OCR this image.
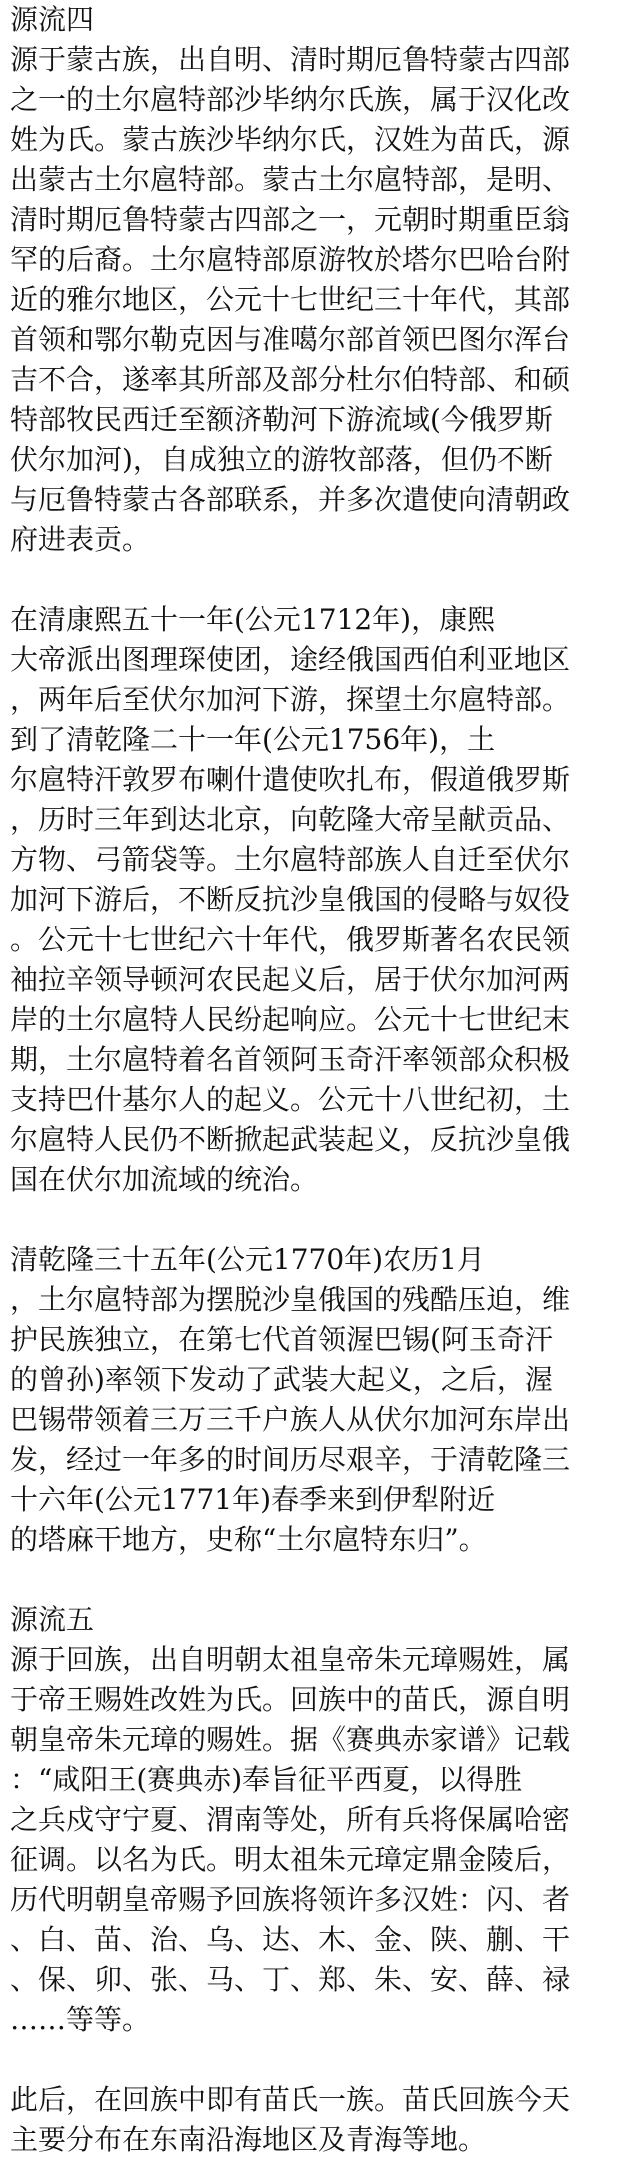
源流四
源于蒙古族，出自明、清时期厄鲁特蒙古四部
之一的土尔扈特部沙毕纳尔氏族，属于汉化改
姓为氏。蒙古族沙毕纳尔氏，汉姓为苗氏，源
出蒙古土尔扈特部。蒙古土尔扈特部，是明、
清时期厄鲁特蒙古四部之一，元朝时期重臣翁
罕的后裔。土尔扈特部原游牧於塔尔巴哈台附
近的雅尔地区，公元十七世纪三十年代，其部
首领和鄂尔勒克因与准噶尔部首领巴图尔浑台
吉不合，遂率其所部及部分杜尔伯特部、和硕
特部牧民西迁至额济勒河下游流域(今俄罗斯
伏尔加河)，自成独立的游牧部落，但仍不断
与厄鲁特蒙古各部联系，并多次遣使向清朝政
府进表贡。
在清康熙五十一年(公元1712年)，康熙
大帝派出图理琛使团，途经俄国西伯利亚地区
，两年后至伏尔加河下游，探望土尔扈特部。
到了清乾隆二十一年(公元1756年)，土
尔扈特汗敦罗布喇什遣使吹扎布，假道俄罗斯
，历时三年到达北京，向乾隆大帝呈献贡品、
方物、弓箭袋等。土尔扈特部族人自迁至伏尔
加河下游后，不断反抗沙皇俄国的侵略与奴役
。公元十七世纪六十年代，俄罗斯著名农民领
袖拉辛领导顿河农民起义后，居于伏尔加河两
岸的土尔扈特人民纷起响应。公元十七世纪末
期，土尔扈特着名首领阿玉奇汗率领部众积极
支持巴什基尔人的起义。公元十八世纪初，土
尔扈特人民仍不断掀起武装起义，反抗沙皇俄
国在伏尔加流域的统治。
清乾隆三十五年(公元1770年)农历1月
，土尔扈特部为摆脱沙皇俄国的残酷压迫，维
护民族独立，在第七代首领渥巴锡(阿玉奇汗
的曾孙)率领下发动了武装大起义，之后，渥
巴锡带领着三万三千户族人从伏尔加河东岸出
发，经过一年多的时间历尽艰辛，于清乾隆三
十六年(公元1771年)春季来到伊犁附近
的塔麻干地方，史称“土尔扈特东归”。
源流五
源于回族，出自明朝太祖皇帝朱元璋赐姓，属
于帝王赐姓改姓为氏。回族中的苗氏，源自明
朝皇帝朱元璋的赐姓。据《赛典赤家谱》记载
：“咸阳王(赛典赤)奉旨征平西夏，以得胜
之兵戍守宁夏、渭南等处，所有兵将保属哈密
征调。以名为氏。明太祖朱元璋定鼎金陵后，
历代明朝皇帝赐予回族将领许多汉姓：闪、者
、白、苗、治、乌、达、木、金、陕、蒯、干
、保、卯、张、马、丁、郑、朱、安、薛、禄
……等等。
此后，在回族中即有苗氏一族。苗氏回族今天
主要分布在东南沿海地区及青海等地。
